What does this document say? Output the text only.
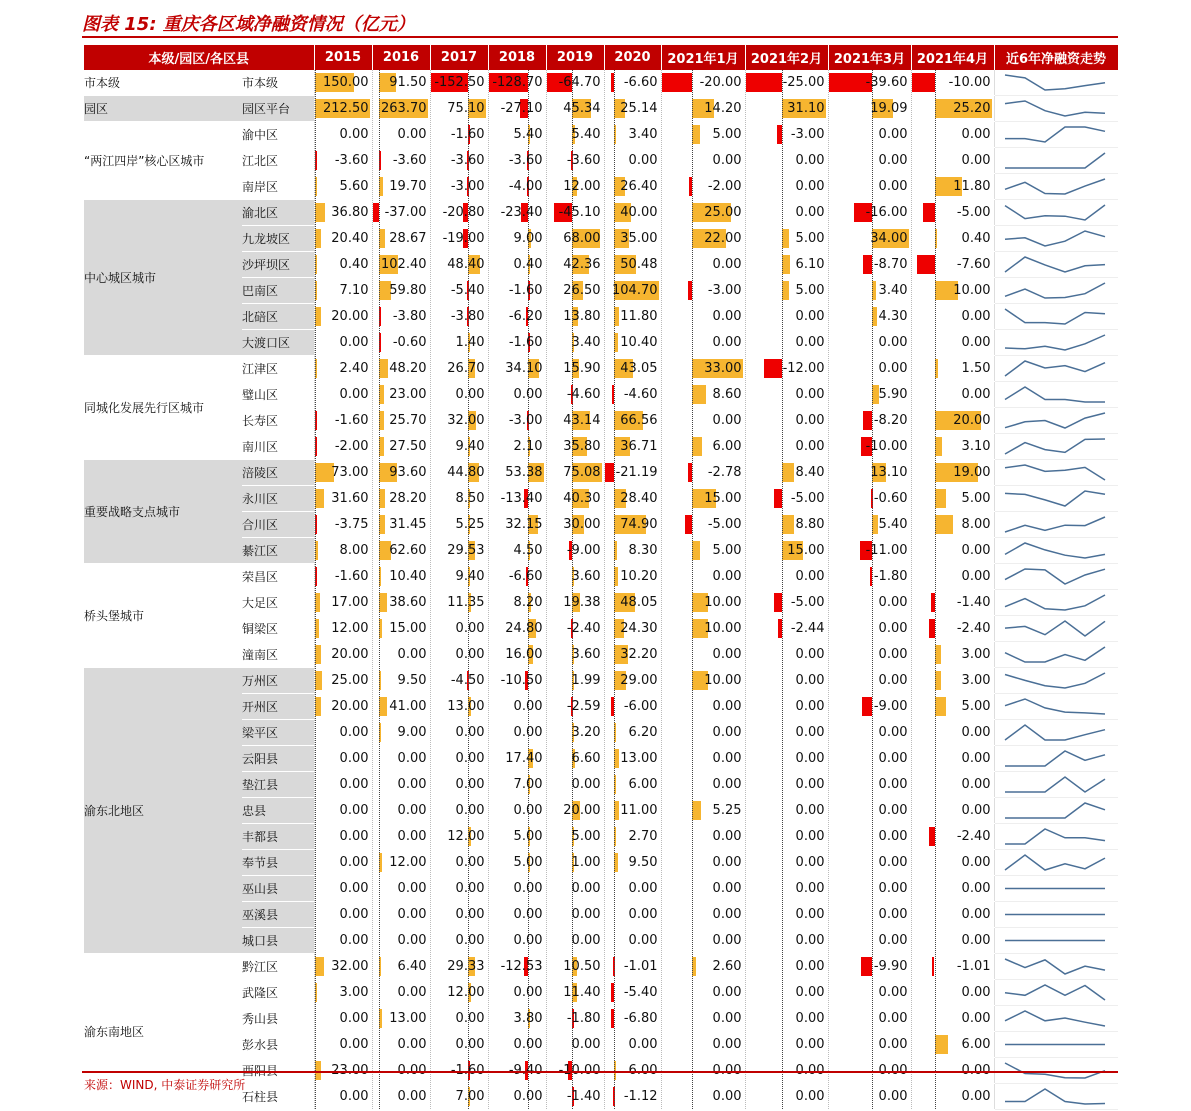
图表 15: 重庆各区域净融资情况（亿元）
本级/园区/各区县		2015	2016	2017	2018	2019	2020	2021年1月	2021年2月	2021年3月	2021年4月	近6年净融资走势
市本级	市本级	150.00	91.50	-152.50	-128.70	-64.70	-6.60	-20.00	-25.00	-39.60	-10.00

园区	园区平台	212.50	263.70	75.10	-27.10	45.34	25.14	14.20	31.10	19.09	25.20

“两江四岸”核心区城市	渝中区	0.00	0.00	-1.60	5.40	5.40	3.40	5.00	-3.00	0.00	0.00

	江北区	-3.60	-3.60	-3.60	-3.60	-3.60	0.00	0.00	0.00	0.00	0.00

	南岸区	5.60	19.70	-3.00	-4.00	12.00	26.40	-2.00	0.00	0.00	11.80

中心城区城市	渝北区	36.80	-37.00	-20.80	-23.40	-45.10	40.00	25.00	0.00	-16.00	-5.00

	九龙坡区	20.40	28.67	-19.00	9.00	68.00	35.00	22.00	5.00	34.00	0.40

	沙坪坝区	0.40	102.40	48.40	0.40	42.36	50.48	0.00	6.10	-8.70	-7.60

	巴南区	7.10	59.80	-5.40	-1.60	26.50	104.70	-3.00	5.00	3.40	10.00

	北碚区	20.00	-3.80	-3.80	-6.20	13.80	11.80	0.00	0.00	4.30	0.00

	大渡口区	0.00	-0.60	1.40	-1.60	3.40	10.40	0.00	0.00	0.00	0.00

同城化发展先行区城市	江津区	2.40	48.20	26.70	34.10	15.90	43.05	33.00	-12.00	0.00	1.50

	璧山区	0.00	23.00	0.00	0.00	-4.60	-4.60	8.60	0.00	5.90	0.00

	长寿区	-1.60	25.70	32.00	-3.00	43.14	66.56	0.00	0.00	-8.20	20.00

	南川区	-2.00	27.50	9.40	2.10	35.80	36.71	6.00	0.00	-10.00	3.10

重要战略支点城市	涪陵区	73.00	93.60	44.80	53.38	75.08	-21.19	-2.78	8.40	13.10	19.00

	永川区	31.60	28.20	8.50	-13.40	40.30	28.40	15.00	-5.00	-0.60	5.00

	合川区	-3.75	31.45	5.25	32.15	30.00	74.90	-5.00	8.80	5.40	8.00

	綦江区	8.00	62.60	29.53	4.50	-9.00	8.30	5.00	15.00	-11.00	0.00

桥头堡城市	荣昌区	-1.60	10.40	9.40	-6.60	3.60	10.20	0.00	0.00	-1.80	0.00

	大足区	17.00	38.60	11.35	8.20	19.38	48.05	10.00	-5.00	0.00	-1.40

	铜梁区	12.00	15.00	0.00	24.80	-2.40	24.30	10.00	-2.44	0.00	-2.40

	潼南区	20.00	0.00	0.00	16.00	3.60	32.20	0.00	0.00	0.00	3.00

渝东北地区	万州区	25.00	9.50	-4.50	-10.50	1.99	29.00	10.00	0.00	0.00	3.00

	开州区	20.00	41.00	13.00	0.00	-2.59	-6.00	0.00	0.00	-9.00	5.00

	梁平区	0.00	9.00	0.00	0.00	3.20	6.20	0.00	0.00	0.00	0.00

	云阳县	0.00	0.00	0.00	17.40	6.60	13.00	0.00	0.00	0.00	0.00

	垫江县	0.00	0.00	0.00	7.00	0.00	6.00	0.00	0.00	0.00	0.00

	忠县	0.00	0.00	0.00	0.00	20.00	11.00	5.25	0.00	0.00	0.00

	丰都县	0.00	0.00	12.00	5.00	5.00	2.70	0.00	0.00	0.00	-2.40

	奉节县	0.00	12.00	0.00	5.00	1.00	9.50	0.00	0.00	0.00	0.00

	巫山县	0.00	0.00	0.00	0.00	0.00	0.00	0.00	0.00	0.00	0.00

	巫溪县	0.00	0.00	0.00	0.00	0.00	0.00	0.00	0.00	0.00	0.00

	城口县	0.00	0.00	0.00	0.00	0.00	0.00	0.00	0.00	0.00	0.00

渝东南地区	黔江区	32.00	6.40	29.33	-12.53	10.50	-1.01	2.60	0.00	-9.90	-1.01

	武隆区	3.00	0.00	12.00	0.00	11.40	-5.40	0.00	0.00	0.00	0.00

	秀山县	0.00	13.00	0.00	3.80	-1.80	-6.80	0.00	0.00	0.00	0.00

	彭水县	0.00	0.00	0.00	0.00	0.00	0.00	0.00	0.00	0.00	6.00

	石柱县	0.00	0.00	7.00	0.00	-1.40	-1.12	0.00	0.00	0.00	0.00

来源：WIND, 中泰证券研究所
